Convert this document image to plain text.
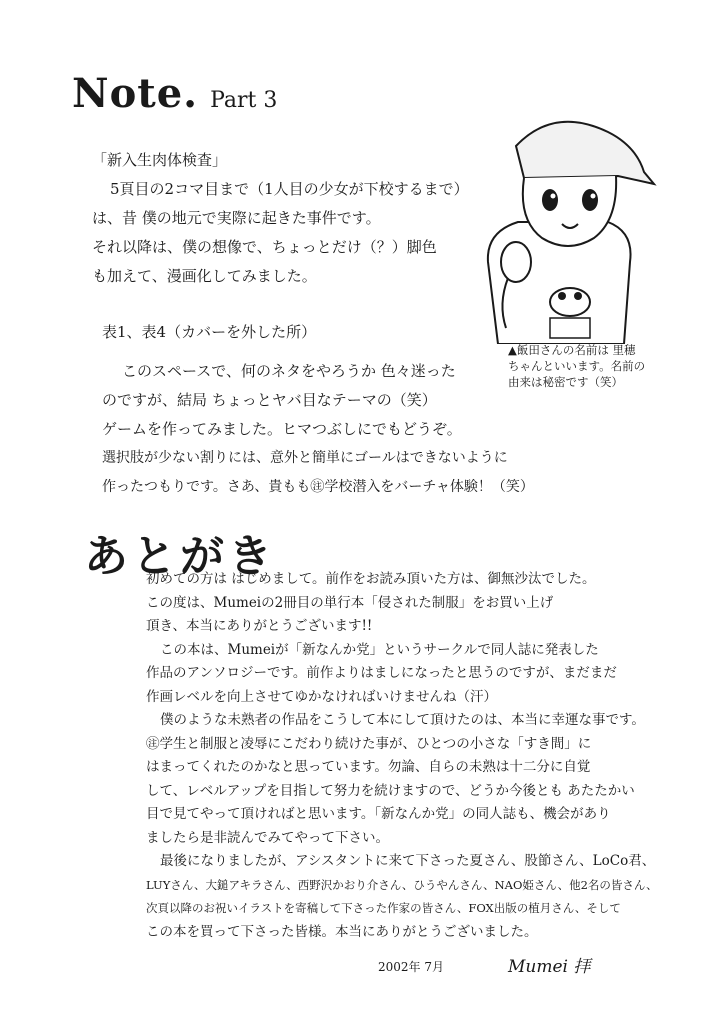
Note. Part 3
「新入生肉体検査」
5頁目の2コマ目まで（1人目の少女が下校するまで）
は、昔 僕の地元で実際に起きた事件です。
それ以降は、僕の想像で、ちょっとだけ（？）脚色
も加えて、漫画化してみました。
表1、表4（カバーを外した所）
このスペースで、何のネタをやろうか 色々迷った
のですが、結局 ちょっとヤバ目なテーマの（笑）
ゲームを作ってみました。ヒマつぶしにでもどうぞ。
選択肢が少ない割りには、意外と簡単にゴールはできないように
作ったつもりです。さあ、貴もも㊟学校潜入をバーチャ体験！（笑）
▲飯田さんの名前は 里穂
ちゃんといいます。名前の
由来は秘密です（笑）
あとがき
初めての方は はじめまして。前作をお読み頂いた方は、御無沙汰でした。
この度は、Mumeiの2冊目の単行本「侵された制服」をお買い上げ
頂き、本当にありがとうございます!!
この本は、Mumeiが「新なんか党」というサークルで同人誌に発表した
作品のアンソロジーです。前作よりはましになったと思うのですが、まだまだ
作画レベルを向上させてゆかなければいけませんね（汗）
僕のような未熟者の作品をこうして本にして頂けたのは、本当に幸運な事です。
㊟学生と制服と凌辱にこだわり続けた事が、ひとつの小さな「すき間」に
はまってくれたのかなと思っています。勿論、自らの未熟は十二分に自覚
して、レベルアップを目指して努力を続けますので、どうか今後とも あたたかい
目で見てやって頂ければと思います。「新なんか党」の同人誌も、機会があり
ましたら是非読んでみてやって下さい。
最後になりましたが、アシスタントに来て下さった夏さん、股節さん、LoCo君、
LUYさん、大鎚アキラさん、西野沢かおり介さん、ひうやんさん、NAO姫さん、他2名の皆さん、
次頁以降のお祝いイラストを寄稿して下さった作家の皆さん、FOX出版の植月さん、そして
この本を買って下さった皆様。本当にありがとうございました。
2002年 7月	Mumei 拝
